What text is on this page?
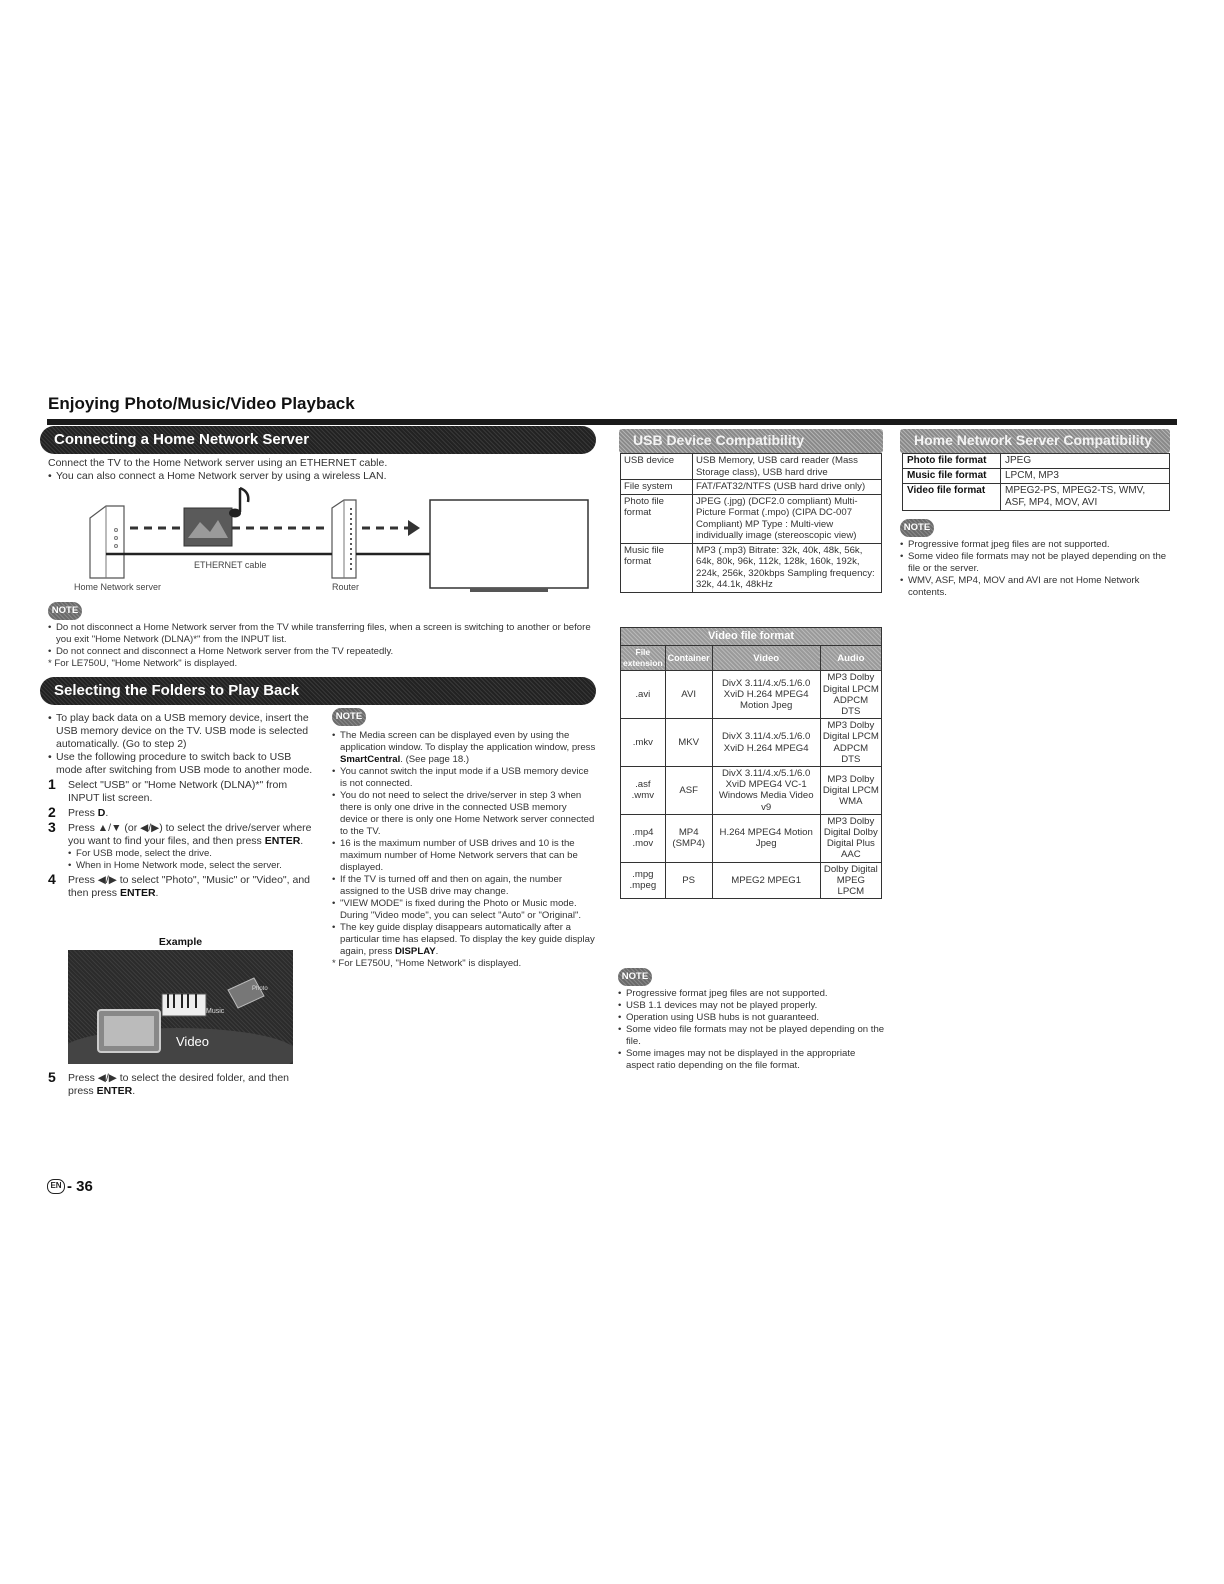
Enjoying Photo/Music/Video Playback
Connecting a Home Network Server

Connect the TV to the Home Network server using an ETHERNET cable.

• You can also connect a Home Network server by using a wireless LAN.

ETHERNET cable
Home Network server	Router
NOTE

• Do not disconnect a Home Network server from the TV while transferring files, when a screen is switching to another or before you exit "Home Network (DLNA)*" from the INPUT list.

• Do not connect and disconnect a Home Network server from the TV repeatedly.

* For LE750U, "Home Network" is displayed.

Selecting the Folders to Play Back

• To play back data on a USB memory device, insert the USB memory device on the TV. USB mode is selected automatically. (Go to step 2)

• Use the following procedure to switch back to USB mode after switching from USB mode to another mode.

1 Select "USB" or "Home Network (DLNA)*" from INPUT list screen.
2 Press D.
3 Press ▲/▼ (or ◀/▶) to select the drive/server where you want to find your files, and then press ENTER.

• For USB mode, select the drive.

• When in Home Network mode, select the server.

4 Press ◀/▶ to select "Photo", "Music" or "Video", and then press ENTER.
Example
Video
Music
Photo
5 Press ◀/▶ to select the desired folder, and then press ENTER.
NOTE

• The Media screen can be displayed even by using the application window. To display the application window, press SmartCentral. (See page 18.)

• You cannot switch the input mode if a USB memory device is not connected.

• You do not need to select the drive/server in step 3 when there is only one drive in the connected USB memory device or there is only one Home Network server connected to the TV.

• 16 is the maximum number of USB drives and 10 is the maximum number of Home Network servers that can be displayed.

• If the TV is turned off and then on again, the number assigned to the USB drive may change.

• "VIEW MODE" is fixed during the Photo or Music mode. During "Video mode", you can select "Auto" or "Original".

• The key guide display disappears automatically after a particular time has elapsed. To display the key guide display again, press DISPLAY.

* For LE750U, "Home Network" is displayed.

USB Device Compatibility
USB device	USB Memory, USB card reader (Mass Storage class), USB hard drive
File system	FAT/FAT32/NTFS (USB hard drive only)
Photo file format	JPEG (.jpg) (DCF2.0 compliant) Multi-Picture Format (.mpo) (CIPA DC-007 Compliant) MP Type : Multi-view individually image (stereoscopic view)
Music file format	MP3 (.mp3) Bitrate: 32k, 40k, 48k, 56k, 64k, 80k, 96k, 112k, 128k, 160k, 192k, 224k, 256k, 320kbps Sampling frequency: 32k, 44.1k, 48kHz
Video file format			
File extension	Container	Video	Audio
.avi	AVI	DivX 3.11/4.x/5.1/6.0 XviD H.264 MPEG4 Motion Jpeg	MP3 Dolby Digital LPCM ADPCM DTS
.mkv	MKV	DivX 3.11/4.x/5.1/6.0 XviD H.264 MPEG4	MP3 Dolby Digital LPCM ADPCM DTS
.asf .wmv	ASF	DivX 3.11/4.x/5.1/6.0 XviD MPEG4 VC-1 Windows Media Video v9	MP3 Dolby Digital LPCM WMA
.mp4 .mov	MP4 (SMP4)	H.264 MPEG4 Motion Jpeg	MP3 Dolby Digital Dolby Digital Plus AAC
.mpg .mpeg	PS	MPEG2 MPEG1	Dolby Digital MPEG LPCM
NOTE

• Progressive format jpeg files are not supported.

• USB 1.1 devices may not be played properly.

• Operation using USB hubs is not guaranteed.

• Some video file formats may not be played depending on the file.

• Some images may not be displayed in the appropriate aspect ratio depending on the file format.

Home Network Server Compatibility
Photo file format	JPEG
Music file format	LPCM, MP3
Video file format	MPEG2-PS, MPEG2-TS, WMV, ASF, MP4, MOV, AVI
NOTE

• Progressive format jpeg files are not supported.

• Some video file formats may not be played depending on the file or the server.

• WMV, ASF, MP4, MOV and AVI are not Home Network contents.

EN - 36
